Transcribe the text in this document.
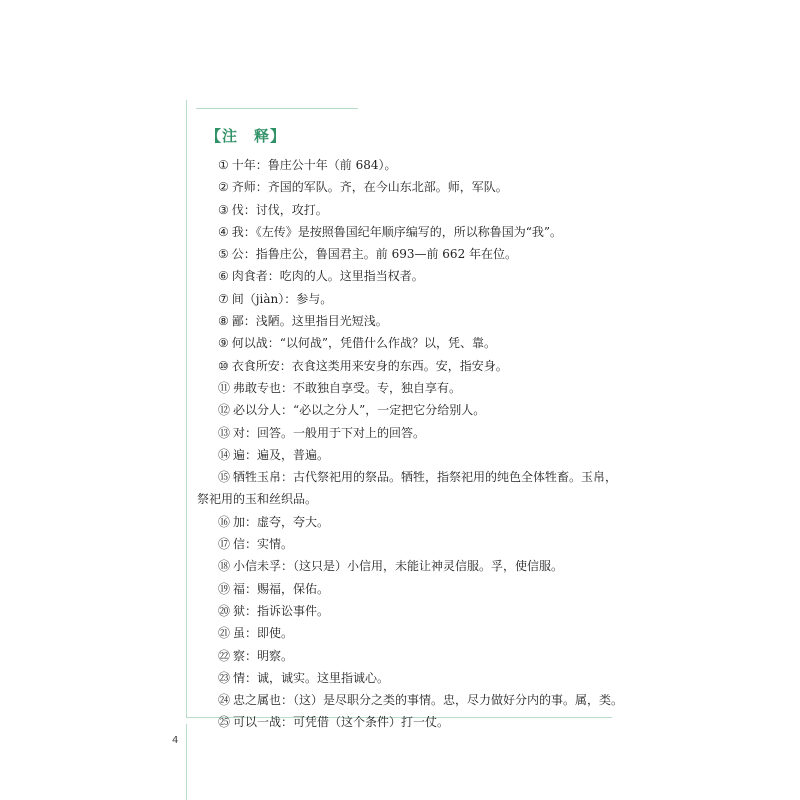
4
【注　释】
① 十年：鲁庄公十年（前 684）。
② 齐师：齐国的军队。齐，在今山东北部。师，军队。
③ 伐：讨伐，攻打。
④ 我：《左传》是按照鲁国纪年顺序编写的，所以称鲁国为“我”。
⑤ 公：指鲁庄公，鲁国君主。前 693—前 662 年在位。
⑥ 肉食者：吃肉的人。这里指当权者。
⑦ 间（jiàn）：参与。
⑧ 鄙：浅陋。这里指目光短浅。
⑨ 何以战：“以何战”，凭借什么作战？以，凭、靠。
⑩ 衣食所安：衣食这类用来安身的东西。安，指安身。
⑪ 弗敢专也：不敢独自享受。专，独自享有。
⑫ 必以分人：“必以之分人”，一定把它分给别人。
⑬ 对：回答。一般用于下对上的回答。
⑭ 遍：遍及，普遍。
⑮ 牺牲玉帛：古代祭祀用的祭品。牺牲，指祭祀用的纯色全体牲畜。玉帛，
祭祀用的玉和丝织品。
⑯ 加：虚夸，夸大。
⑰ 信：实情。
⑱ 小信未孚：（这只是）小信用，未能让神灵信服。孚，使信服。
⑲ 福：赐福，保佑。
⑳ 狱：指诉讼事件。
㉑ 虽：即使。
㉒ 察：明察。
㉓ 情：诚，诚实。这里指诚心。
㉔ 忠之属也：（这）是尽职分之类的事情。忠，尽力做好分内的事。属，类。
㉕ 可以一战：可凭借（这个条件）打一仗。
